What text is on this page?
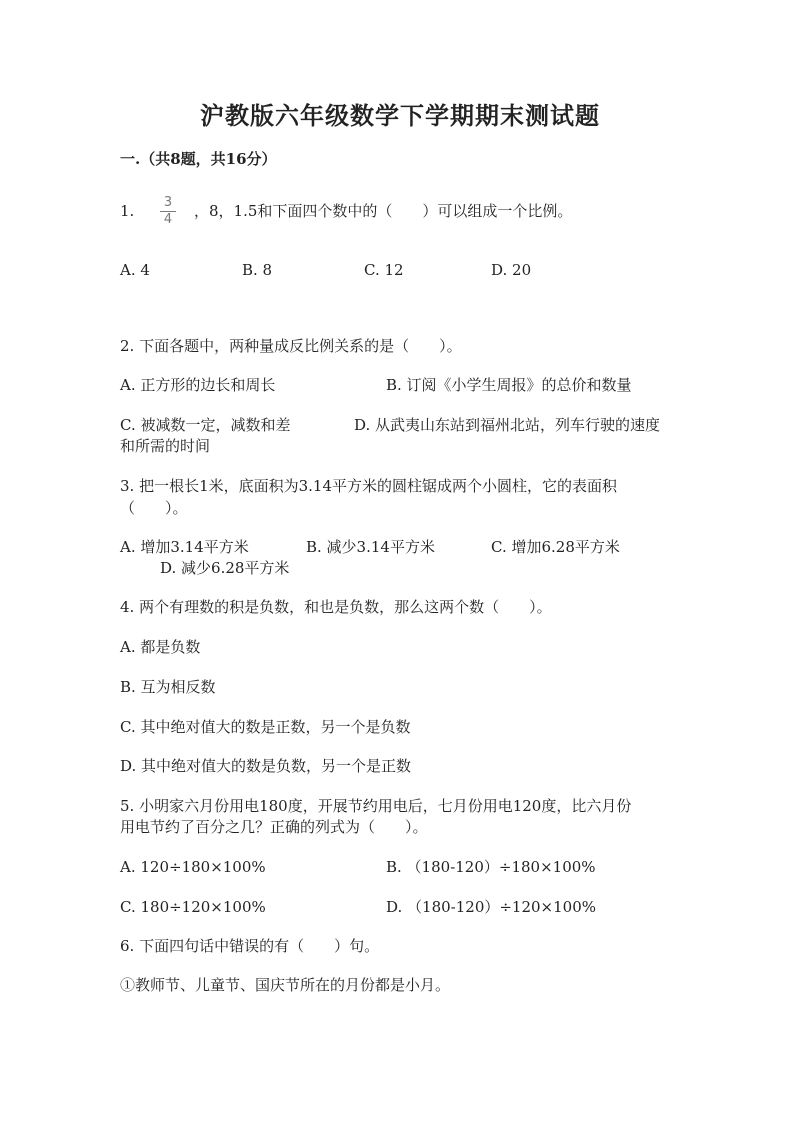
沪教版六年级数学下学期期末测试题
一.（共8题，共16分）
1. 3
4 ，8，1.5和下面四个数中的（　　）可以组成一个比例。
A. 4	B. 8	C. 12	D. 20
2. 下面各题中，两种量成反比例关系的是（　　）。
A. 正方形的边长和周长	B. 订阅《小学生周报》的总价和数量
C. 被减数一定，减数和差	D. 从武夷山东站到福州北站，列车行驶的速度
和所需的时间
3. 把一根长1米，底面积为3.14平方米的圆柱锯成两个小圆柱，它的表面积
（　　）。
A. 增加3.14平方米	B. 减少3.14平方米	C. 增加6.28平方米
D. 减少6.28平方米
4. 两个有理数的积是负数，和也是负数，那么这两个数（　　）。
A. 都是负数
B. 互为相反数
C. 其中绝对值大的数是正数，另一个是负数
D. 其中绝对值大的数是负数，另一个是正数
5. 小明家六月份用电180度，开展节约用电后，七月份用电120度，比六月份
用电节约了百分之几？正确的列式为（　　）。
A. 120÷180×100%	B. （180-120）÷180×100%
C. 180÷120×100%	D. （180-120）÷120×100%
6. 下面四句话中错误的有（　　）句。
①教师节、儿童节、国庆节所在的月份都是小月。
